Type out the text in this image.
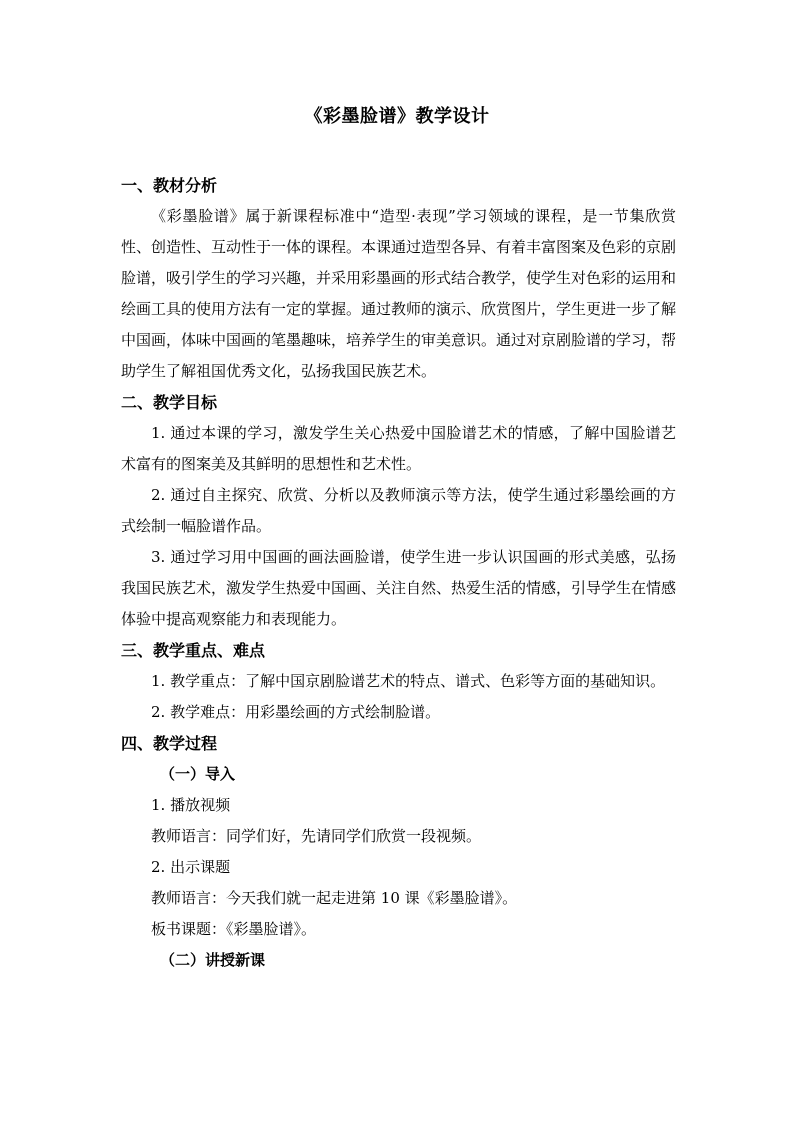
《彩墨脸谱》教学设计
一、教材分析
《彩墨脸谱》属于新课程标准中“造型·表现”学习领域的课程，是一节集欣赏性、创造性、互动性于一体的课程。本课通过造型各异、有着丰富图案及色彩的京剧脸谱，吸引学生的学习兴趣，并采用彩墨画的形式结合教学，使学生对色彩的运用和绘画工具的使用方法有一定的掌握。通过教师的演示、欣赏图片，学生更进一步了解中国画，体味中国画的笔墨趣味，培养学生的审美意识。通过对京剧脸谱的学习，帮助学生了解祖国优秀文化，弘扬我国民族艺术。
二、教学目标
1. 通过本课的学习，激发学生关心热爱中国脸谱艺术的情感，了解中国脸谱艺术富有的图案美及其鲜明的思想性和艺术性。
2. 通过自主探究、欣赏、分析以及教师演示等方法，使学生通过彩墨绘画的方式绘制一幅脸谱作品。
3. 通过学习用中国画的画法画脸谱，使学生进一步认识国画的形式美感，弘扬我国民族艺术，激发学生热爱中国画、关注自然、热爱生活的情感，引导学生在情感体验中提高观察能力和表现能力。
三、教学重点、难点
1. 教学重点：了解中国京剧脸谱艺术的特点、谱式、色彩等方面的基础知识。
2. 教学难点：用彩墨绘画的方式绘制脸谱。
四、教学过程
（一）导入
1. 播放视频
教师语言：同学们好，先请同学们欣赏一段视频。
2. 出示课题
教师语言：今天我们就一起走进第 10 课《彩墨脸谱》。
板书课题：《彩墨脸谱》。
（二）讲授新课
